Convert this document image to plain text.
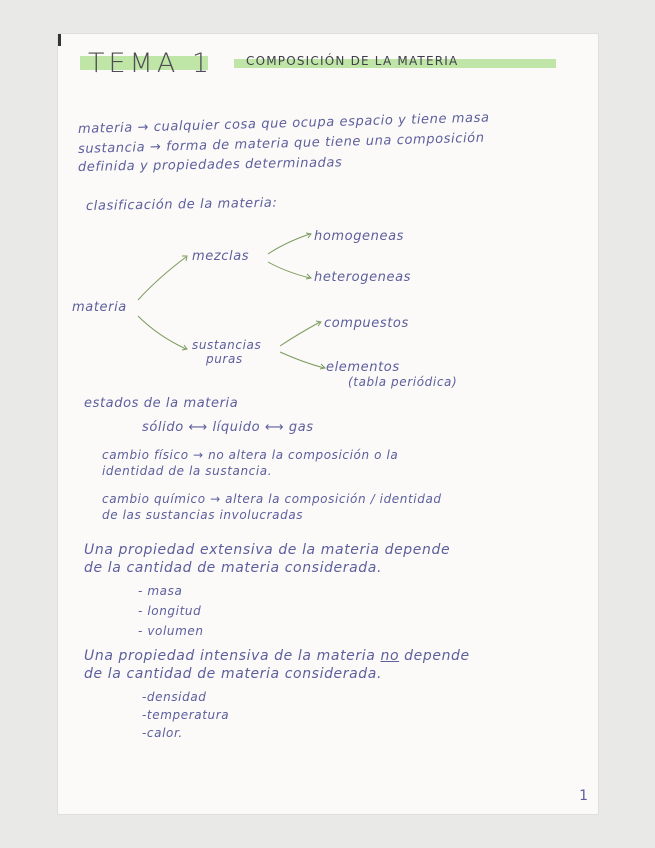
TEMA 1	COMPOSICIÓN DE LA MATERIA
materia → cualquier cosa que ocupa espacio y tiene masa
sustancia → forma de materia que tiene una composición
definida y propiedades determinadas
clasificación de la materia:
materia
mezclas
homogeneas
heterogeneas
sustancias
puras
compuestos
elementos
(tabla periódica)
estados de la materia
sólido ⟷ líquido ⟷ gas
cambio físico → no altera la composición o la
identidad de la sustancia.
cambio químico → altera la composición / identidad
de las sustancias involucradas
Una propiedad extensiva de la materia depende
de la cantidad de materia considerada.
- masa
- longitud
- volumen
Una propiedad intensiva de la materia no depende
de la cantidad de materia considerada.
-densidad
-temperatura
-calor.
1
